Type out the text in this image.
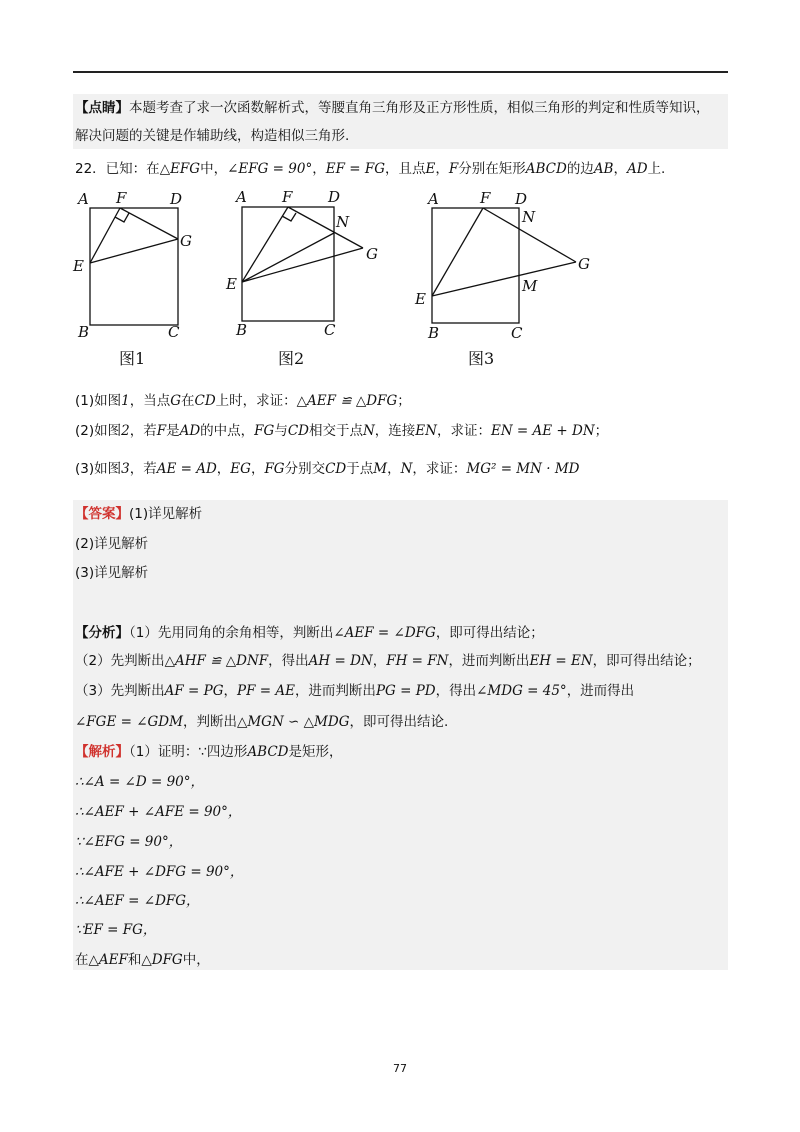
【点睛】本题考查了求一次函数解析式，等腰直角三角形及正方形性质，相似三角形的判定和性质等知识，
解决问题的关键是作辅助线，构造相似三角形.
22．已知：在△EFG中，∠EFG = 90°，EF = FG，且点E，F分别在矩形ABCD的边AB，AD上.
A F	D
G
E
B	C
A F D
N
G
E
B	C
A	F D
N
G
M
E
B	C
图1	图2	图3
(1)如图1，当点G在CD上时，求证：△AEF ≌ △DFG；
(2)如图2，若F是AD的中点，FG与CD相交于点N，连接EN，求证：EN = AE + DN；
(3)如图3，若AE = AD，EG，FG分别交CD于点M，N，求证：MG² = MN · MD
【答案】(1)详见解析
(2)详见解析
(3)详见解析
【分析】（1）先用同角的余角相等，判断出∠AEF = ∠DFG，即可得出结论；
（2）先判断出△AHF ≌ △DNF，得出AH = DN，FH = FN，进而判断出EH = EN，即可得出结论；
（3）先判断出AF = PG，PF = AE，进而判断出PG = PD，得出∠MDG = 45°，进而得出
∠FGE = ∠GDM，判断出△MGN ∽ △MDG，即可得出结论.
【解析】（1）证明：∵四边形ABCD是矩形，
∴∠A = ∠D = 90°，
∴∠AEF + ∠AFE = 90°，
∵∠EFG = 90°，
∴∠AFE + ∠DFG = 90°，
∴∠AEF = ∠DFG，
∵EF = FG，
在△AEF和△DFG中，
77
